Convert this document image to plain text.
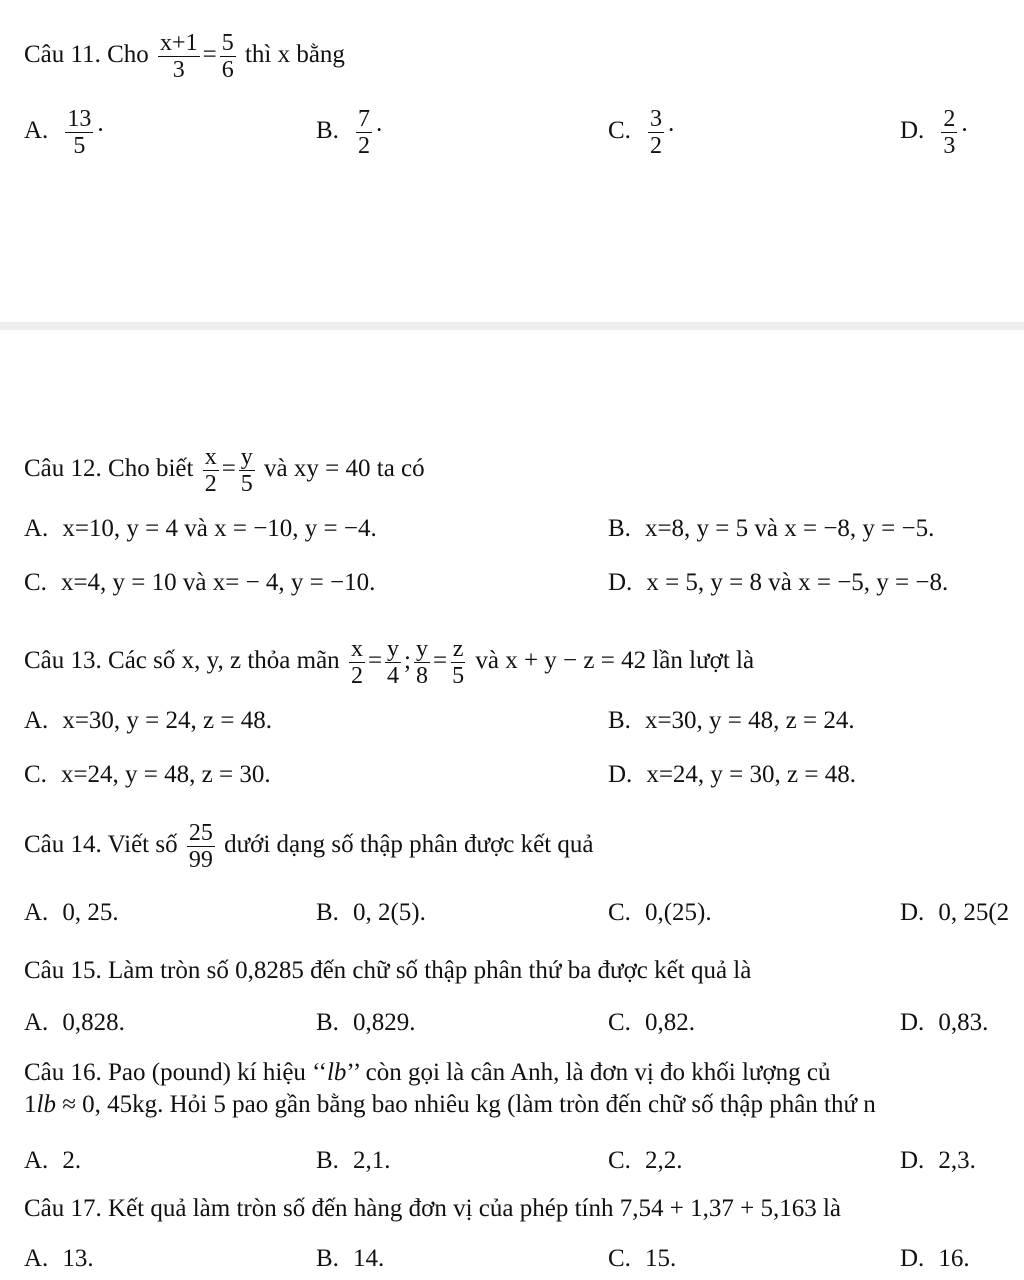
Câu 11. Cho $\frac{x+1}{3} = \frac{5}{6}$ thì x bằng
A. $\frac{13}{5}$ ·	B. $\frac{7}{2}$ ·	C. $\frac{3}{2}$ ·	D. $\frac{2}{3}$ ·
Câu 12. Cho biết $\frac{x}{2} = \frac{y}{5}$ và xy = 40 ta có
A. x=10, y = 4 và x = −10, y = −4.	B. x=8, y = 5 và x = −8, y = −5.
C. x=4, y = 10 và x= − 4, y = −10.	D. x = 5, y = 8 và x = −5, y = −8.
Câu 13. Các số x, y, z thỏa mãn $\frac{x}{2} = \frac{y}{4}$ ; $\frac{y}{8} = \frac{z}{5}$ và x + y − z = 42 lần lượt là
A. x=30, y = 24, z = 48.	B. x=30, y = 48, z = 24.
C. x=24, y = 48, z = 30.	D. x=24, y = 30, z = 48.
Câu 14. Viết số $\frac{25}{99}$ dưới dạng số thập phân được kết quả
A. 0, 25.	B. 0, 2(5).	C. 0,(25).	D. 0, 25(2
Câu 15. Làm tròn số 0,8285 đến chữ số thập phân thứ ba được kết quả là
A. 0,828.	B. 0,829.	C. 0,82.	D. 0,83.
Câu 16. Pao (pound) kí hiệu ‘‘lb’’ còn gọi là cân Anh, là đơn vị đo khối lượng củ
1lb ≈ 0, 45kg. Hỏi 5 pao gần bằng bao nhiêu kg (làm tròn đến chữ số thập phân thứ n
A. 2.	B. 2,1.	C. 2,2.	D. 2,3.
Câu 17. Kết quả làm tròn số đến hàng đơn vị của phép tính 7,54 + 1,37 + 5,163 là
A. 13.	B. 14.	C. 15.	D. 16.
